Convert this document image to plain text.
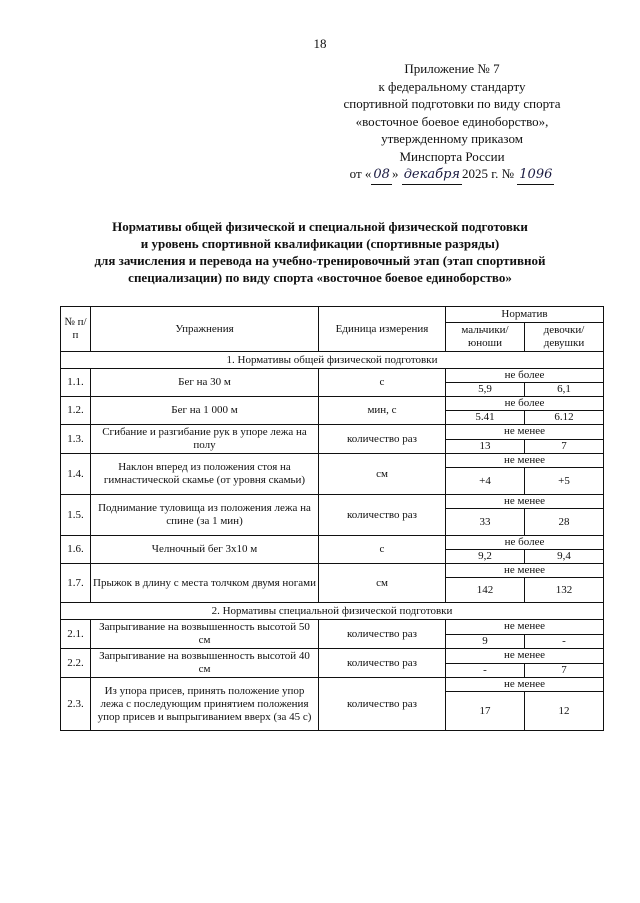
18
Приложение № 7
к федеральному стандарту
спортивной подготовки по виду спорта
«восточное боевое единоборство»,
утвержденному приказом
Минспорта России
от « 08 » декабря 2025 г. № 1096
Нормативы общей физической и специальной физической подготовки
и уровень спортивной квалификации (спортивные разряды)
для зачисления и перевода на учебно-тренировочный этап (этап спортивной
специализации) по виду спорта «восточное боевое единоборство»
№ п/п	Упражнения	Единица измерения	Норматив	
			мальчики/ юноши	девочки/ девушки
1. Нормативы общей физической подготовки				
1.1.	Бег на 30 м	с	не более	
			5,9	6,1
1.2.	Бег на 1 000 м	мин, с	не более	
			5.41	6.12
1.3.	Сгибание и разгибание рук в упоре лежа на полу	количество раз	не менее	
			13	7
1.4.	Наклон вперед из положения стоя на гимнастической скамье (от уровня скамьи)	см	не менее	
			+4	+5
1.5.	Поднимание туловища из положения лежа на спине (за 1 мин)	количество раз	не менее	
			33	28
1.6.	Челночный бег 3х10 м	с	не более	
			9,2	9,4
1.7.	Прыжок в длину с места толчком двумя ногами	см	не менее	
			142	132
2. Нормативы специальной физической подготовки				
2.1.	Запрыгивание на возвышенность высотой 50 см	количество раз	не менее	
			9	-
2.2.	Запрыгивание на возвышенность высотой 40 см	количество раз	не менее	
			-	7
2.3.	Из упора присев, принять положение упор лежа с последующим принятием положения упор присев и выпрыгиванием вверх (за 45 с)	количество раз	не менее	
			17	12
